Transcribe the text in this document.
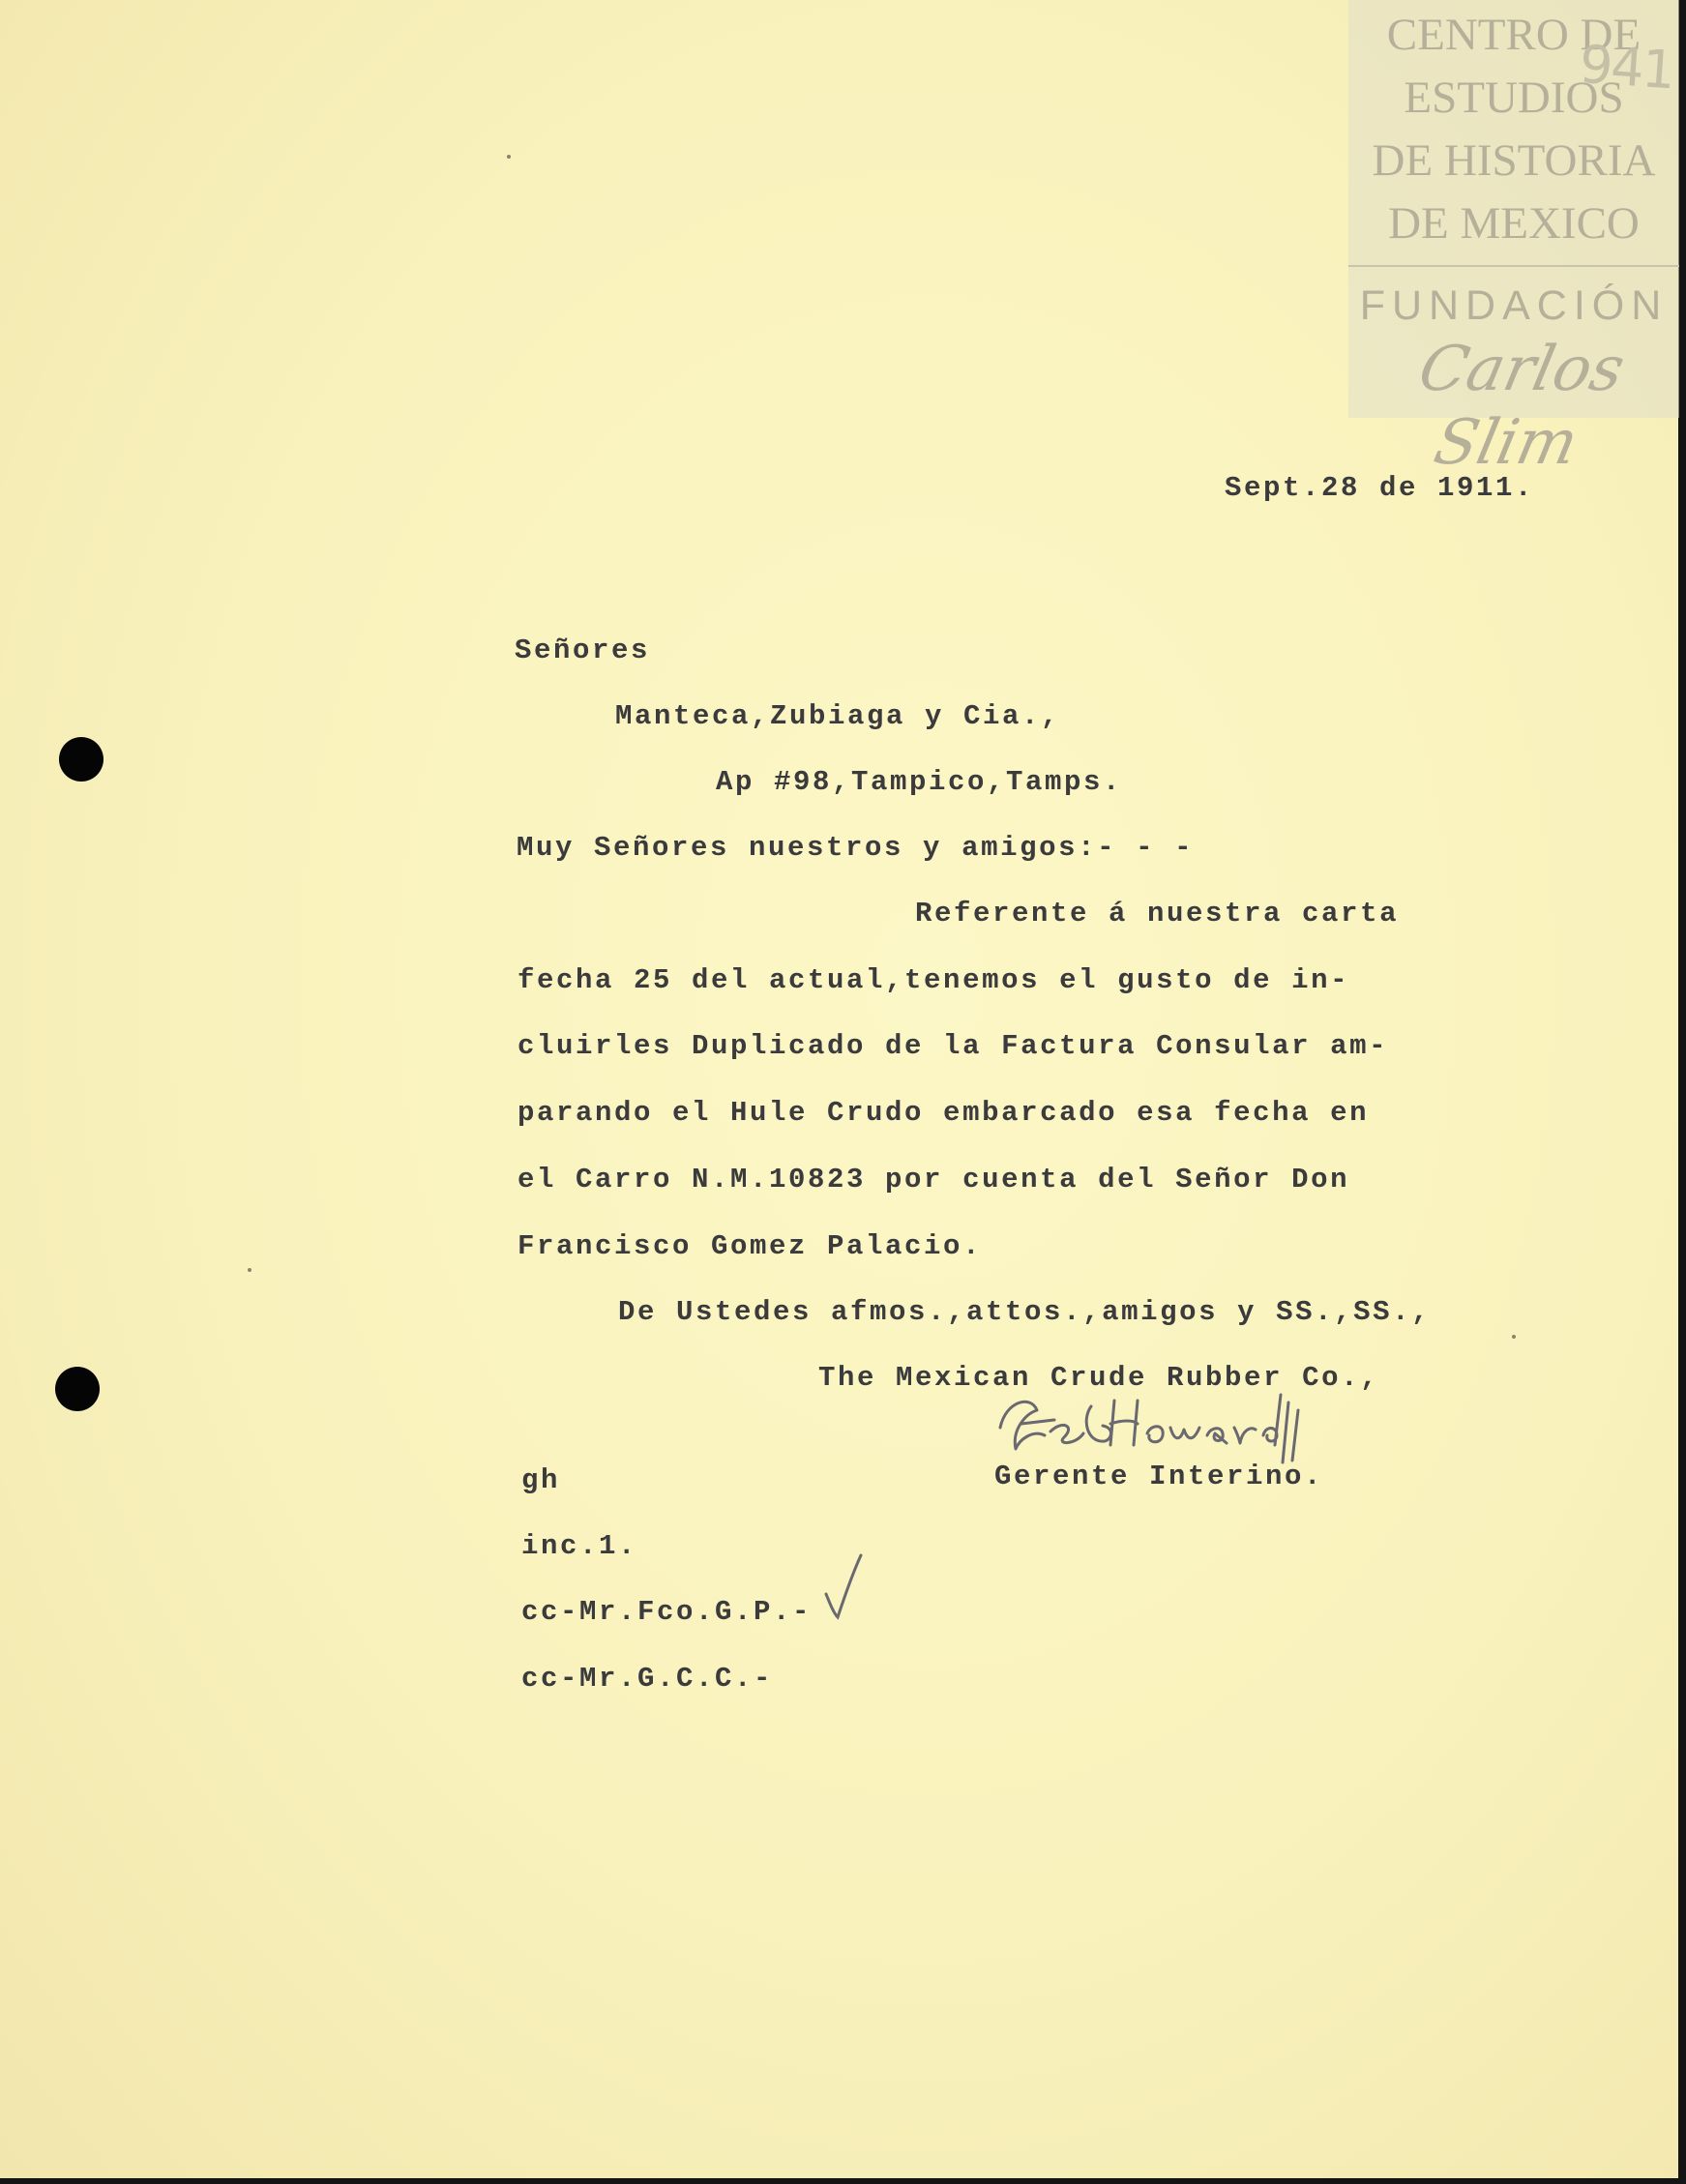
CENTRO DE
ESTUDIOS
DE HISTORIA
DE MEXICO
FUNDACIÓN
Carlos Slim
941
Sept.28 de 1911.
Señores
Manteca,Zubiaga y Cia.,
Ap #98,Tampico,Tamps.
Muy Señores nuestros y amigos:- - -
Referente á nuestra carta
fecha 25 del actual,tenemos el gusto de in-
cluirles Duplicado de la Factura Consular am-
parando el Hule Crudo embarcado esa fecha en
el Carro N.M.10823 por cuenta del Señor Don
Francisco Gomez Palacio.
De Ustedes afmos.,attos.,amigos y SS.,SS.,
The Mexican Crude Rubber Co.,
Gerente Interino.
gh
inc.1.
cc-Mr.Fco.G.P.-
cc-Mr.G.C.C.-
